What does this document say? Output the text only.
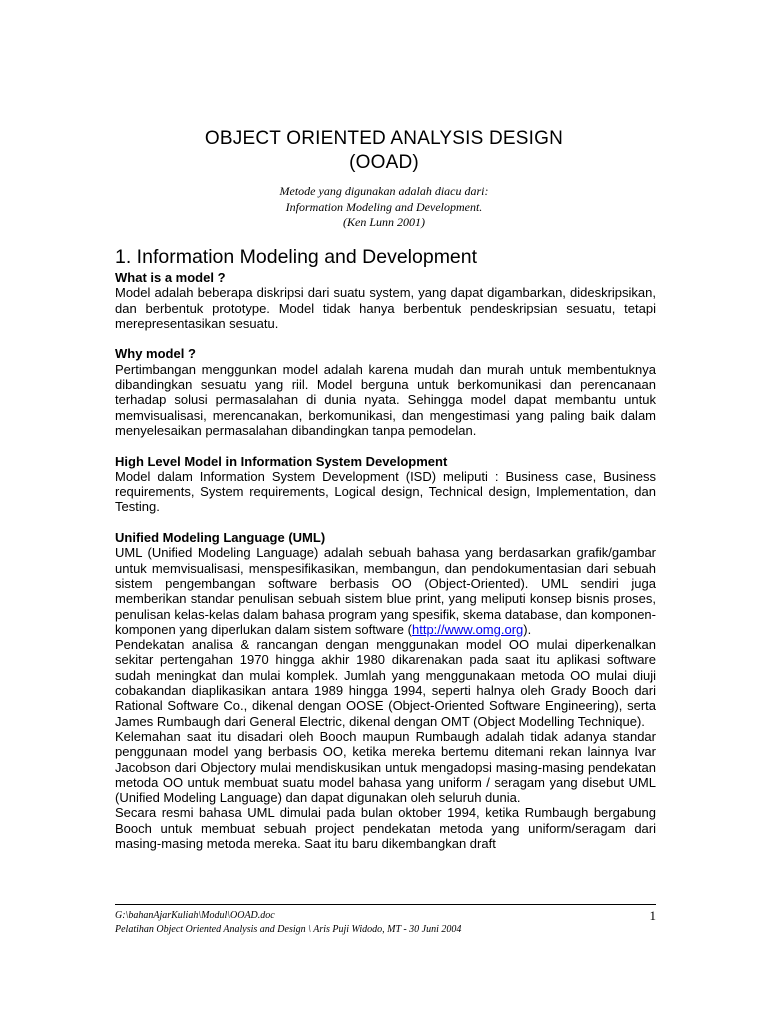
OBJECT ORIENTED ANALYSIS DESIGN
(OOAD)
Metode yang digunakan adalah diacu dari:
Information Modeling and Development.
(Ken Lunn 2001)
1. Information Modeling and Development
What is a model ?

Model adalah beberapa diskripsi dari suatu system, yang dapat digambarkan, dideskripsikan, dan berbentuk prototype. Model tidak hanya berbentuk pendeskripsian sesuatu, tetapi merepresentasikan sesuatu.

Why model ?

Pertimbangan menggunkan model adalah karena mudah dan murah untuk membentuknya dibandingkan sesuatu yang riil. Model berguna untuk berkomunikasi dan perencanaan terhadap solusi permasalahan di dunia nyata. Sehingga model dapat membantu untuk memvisualisasi, merencanakan, berkomunikasi, dan mengestimasi yang paling baik dalam menyelesaikan permasalahan dibandingkan tanpa pemodelan.

High Level Model in Information System Development

Model dalam Information System Development (ISD) meliputi : Business case, Business requirements, System requirements, Logical design, Technical design, Implementation, dan Testing.

Unified Modeling Language (UML)

UML (Unified Modeling Language) adalah sebuah bahasa yang berdasarkan grafik/gambar untuk memvisualisasi, menspesifikasikan, membangun, dan pendokumentasian dari sebuah sistem pengembangan software berbasis OO (Object-Oriented). UML sendiri juga memberikan standar penulisan sebuah sistem blue print, yang meliputi konsep bisnis proses, penulisan kelas-kelas dalam bahasa program yang spesifik, skema database, dan komponen-komponen yang diperlukan dalam sistem software (http://www.omg.org).

Pendekatan analisa & rancangan dengan menggunakan model OO mulai diperkenalkan sekitar pertengahan 1970 hingga akhir 1980 dikarenakan pada saat itu aplikasi software sudah meningkat dan mulai komplek. Jumlah yang menggunakaan metoda OO mulai diuji cobakandan diaplikasikan antara 1989 hingga 1994, seperti halnya oleh Grady Booch dari Rational Software Co., dikenal dengan OOSE (Object-Oriented Software Engineering), serta James Rumbaugh dari General Electric, dikenal dengan OMT (Object Modelling Technique).

Kelemahan saat itu disadari oleh Booch maupun Rumbaugh adalah tidak adanya standar penggunaan model yang berbasis OO, ketika mereka bertemu ditemani rekan lainnya Ivar Jacobson dari Objectory mulai mendiskusikan untuk mengadopsi masing-masing pendekatan metoda OO untuk membuat suatu model bahasa yang uniform / seragam yang disebut UML (Unified Modeling Language) dan dapat digunakan oleh seluruh dunia.

Secara resmi bahasa UML dimulai pada bulan oktober 1994, ketika Rumbaugh bergabung Booch untuk membuat sebuah project pendekatan metoda yang uniform/seragam dari masing-masing metoda mereka. Saat itu baru dikembangkan draft

G:\bahanAjarKuliah\Modul\OOAD.doc
Pelatihan Object Oriented Analysis and Design \ Aris Puji Widodo, MT - 30 Juni 2004
1
